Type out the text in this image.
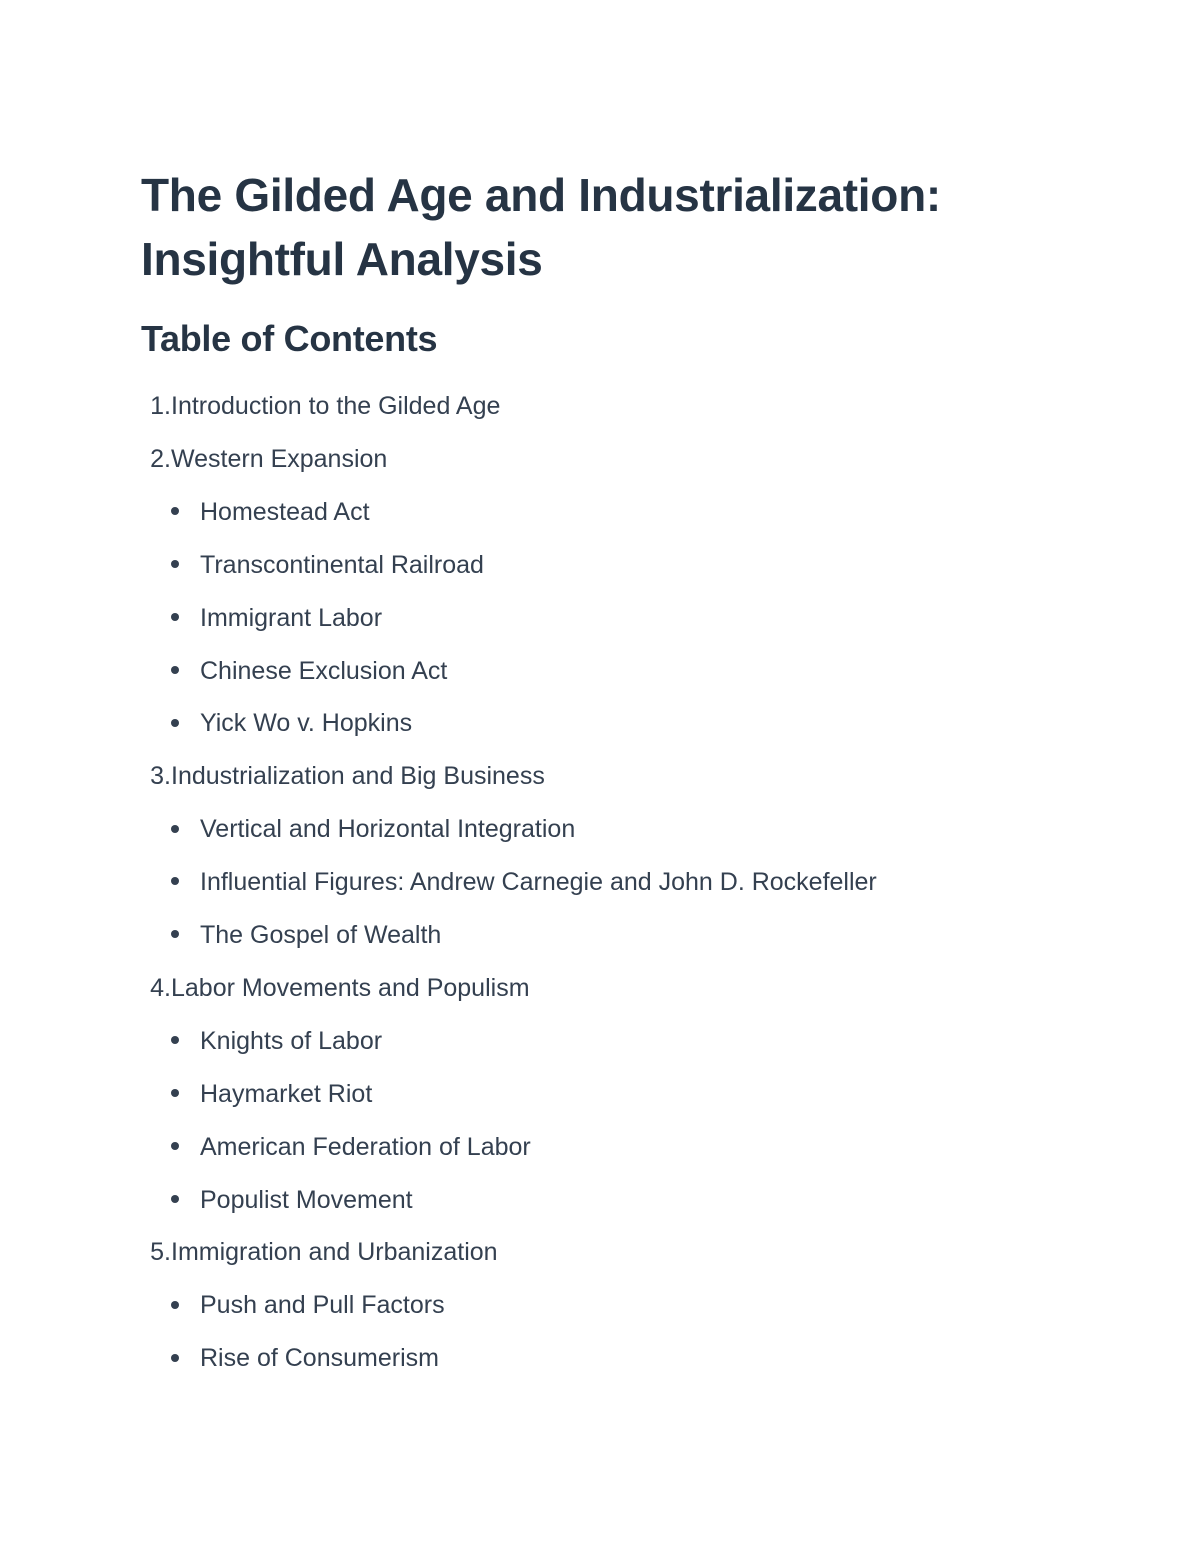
The Gilded Age and Industrialization:
Insightful Analysis
Table of Contents
1.Introduction to the Gilded Age
2.Western Expansion
Homestead Act
Transcontinental Railroad
Immigrant Labor
Chinese Exclusion Act
Yick Wo v. Hopkins
3.Industrialization and Big Business
Vertical and Horizontal Integration
Influential Figures: Andrew Carnegie and John D. Rockefeller
The Gospel of Wealth
4.Labor Movements and Populism
Knights of Labor
Haymarket Riot
American Federation of Labor
Populist Movement
5.Immigration and Urbanization
Push and Pull Factors
Rise of Consumerism
